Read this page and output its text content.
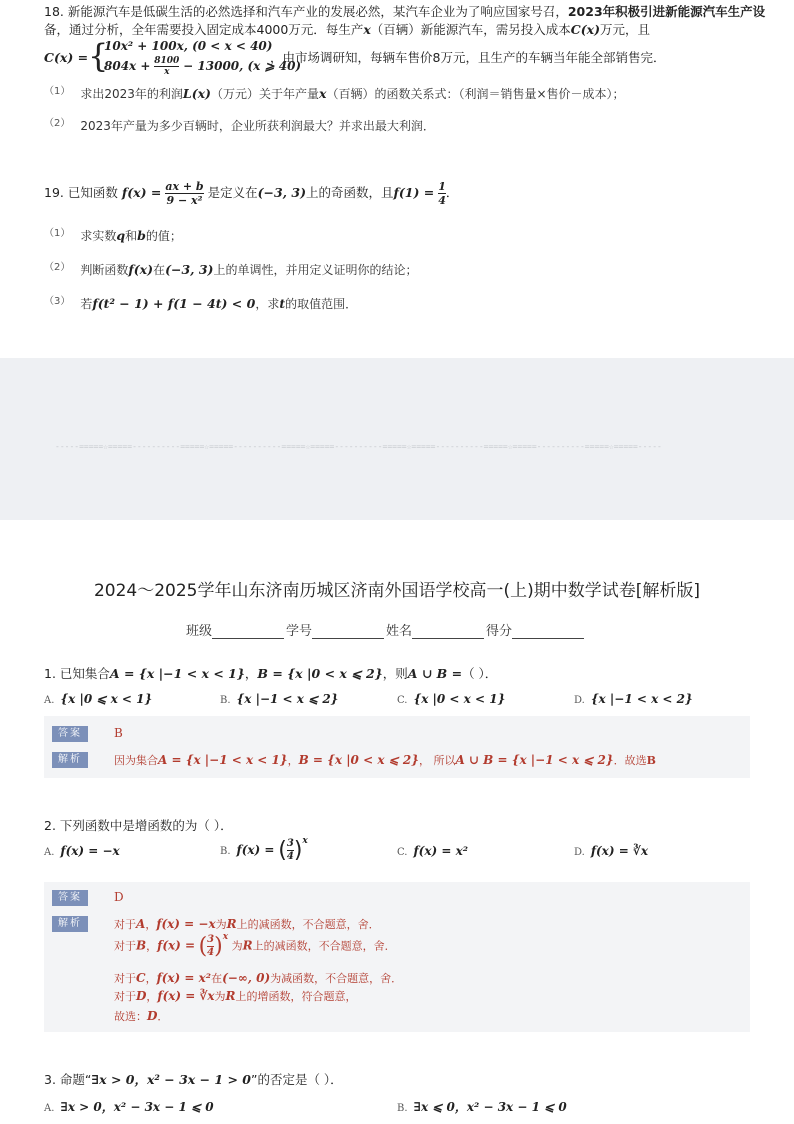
18. 新能源汽车是低碳生活的必然选择和汽车产业的发展必然，某汽车企业为了响应国家号召，2023年积极引进新能源汽车生产设
备，通过分析，全年需要投入固定成本4000万元．每生产x（百辆）新能源汽车，需另投入成本C(x)万元，且
C(x) = {
10x² + 100x, (0 < x < 40)
$804x + \frac{8100}{x} - 13000$, (x ⩾ 40)
，由市场调研知，每辆车售价8万元，且生产的车辆当年能全部销售完．
$^{(1)}$ 求出2023年的利润L(x)（万元）关于年产量x（百辆）的函数关系式：（利润＝销售量×售价－成本）；
$^{(2)}$ 2023年产量为多少百辆时，企业所获利润最大？并求出最大利润．
19. 已知函数 $f(x) = \frac{ax + b}{\text{9 − x²}}$ 是定义在(−3, 3)上的奇函数，且$f(1) = \frac{1}{4}$ ．
$^{(1)}$ 求实数q和b的值；
$^{(2)}$ 判断函数f(x)在(−3, 3)上的单调性，并用定义证明你的结论；
$^{(3)}$ 若f(t² − 1) + f(1 − 4t) < 0，求t的取值范围．
-----=====☆=====----------=====☆=====----------=====☆=====----------=====☆=====----------=====☆=====----------=====☆=====-----
2024～2025学年山东济南历城区济南外国语学校高一(上)期中数学试卷[解析版]
班级	学号	姓名	得分
1. 已知集合A = {x |−1 < x < 1}，B = {x |0 < x ⩽ 2}，则A ∪ B =（ ）．
A. {x |0 ⩽ x < 1}	B. {x |−1 < x ⩽ 2}	C. {x |0 < x < 1}	D. {x |−1 < x < 2}
答案	B
解析	因为集合A = {x |−1 < x < 1}，B = {x |0 < x ⩽ 2}， 所以A ∪ B = {x |−1 < x ⩽ 2}．故选B
2. 下列函数中是增函数的为（ ）．
A. f(x) = −x	B. f(x) = ( $\frac{3}{4} )^x$
C. f(x) = x²	D. f(x) = ∛x
答案	D
解析	对于A，f(x) = −x为R上的减函数，不合题意，舍．
对于B，f(x) = ( $\frac{3}{4} )^x$ 为R上的减函数，不合题意，舍．
对于C，f(x) = x²在(−∞, 0)为减函数，不合题意，舍．
对于D，f(x) = ∛x为R上的增函数，符合题意，
故选：D．
3. 命题“∃x > 0，x² − 3x − 1 > 0”的否定是（ ）．
A. ∃x > 0，x² − 3x − 1 ⩽ 0	B. ∃x ⩽ 0，x² − 3x − 1 ⩽ 0
